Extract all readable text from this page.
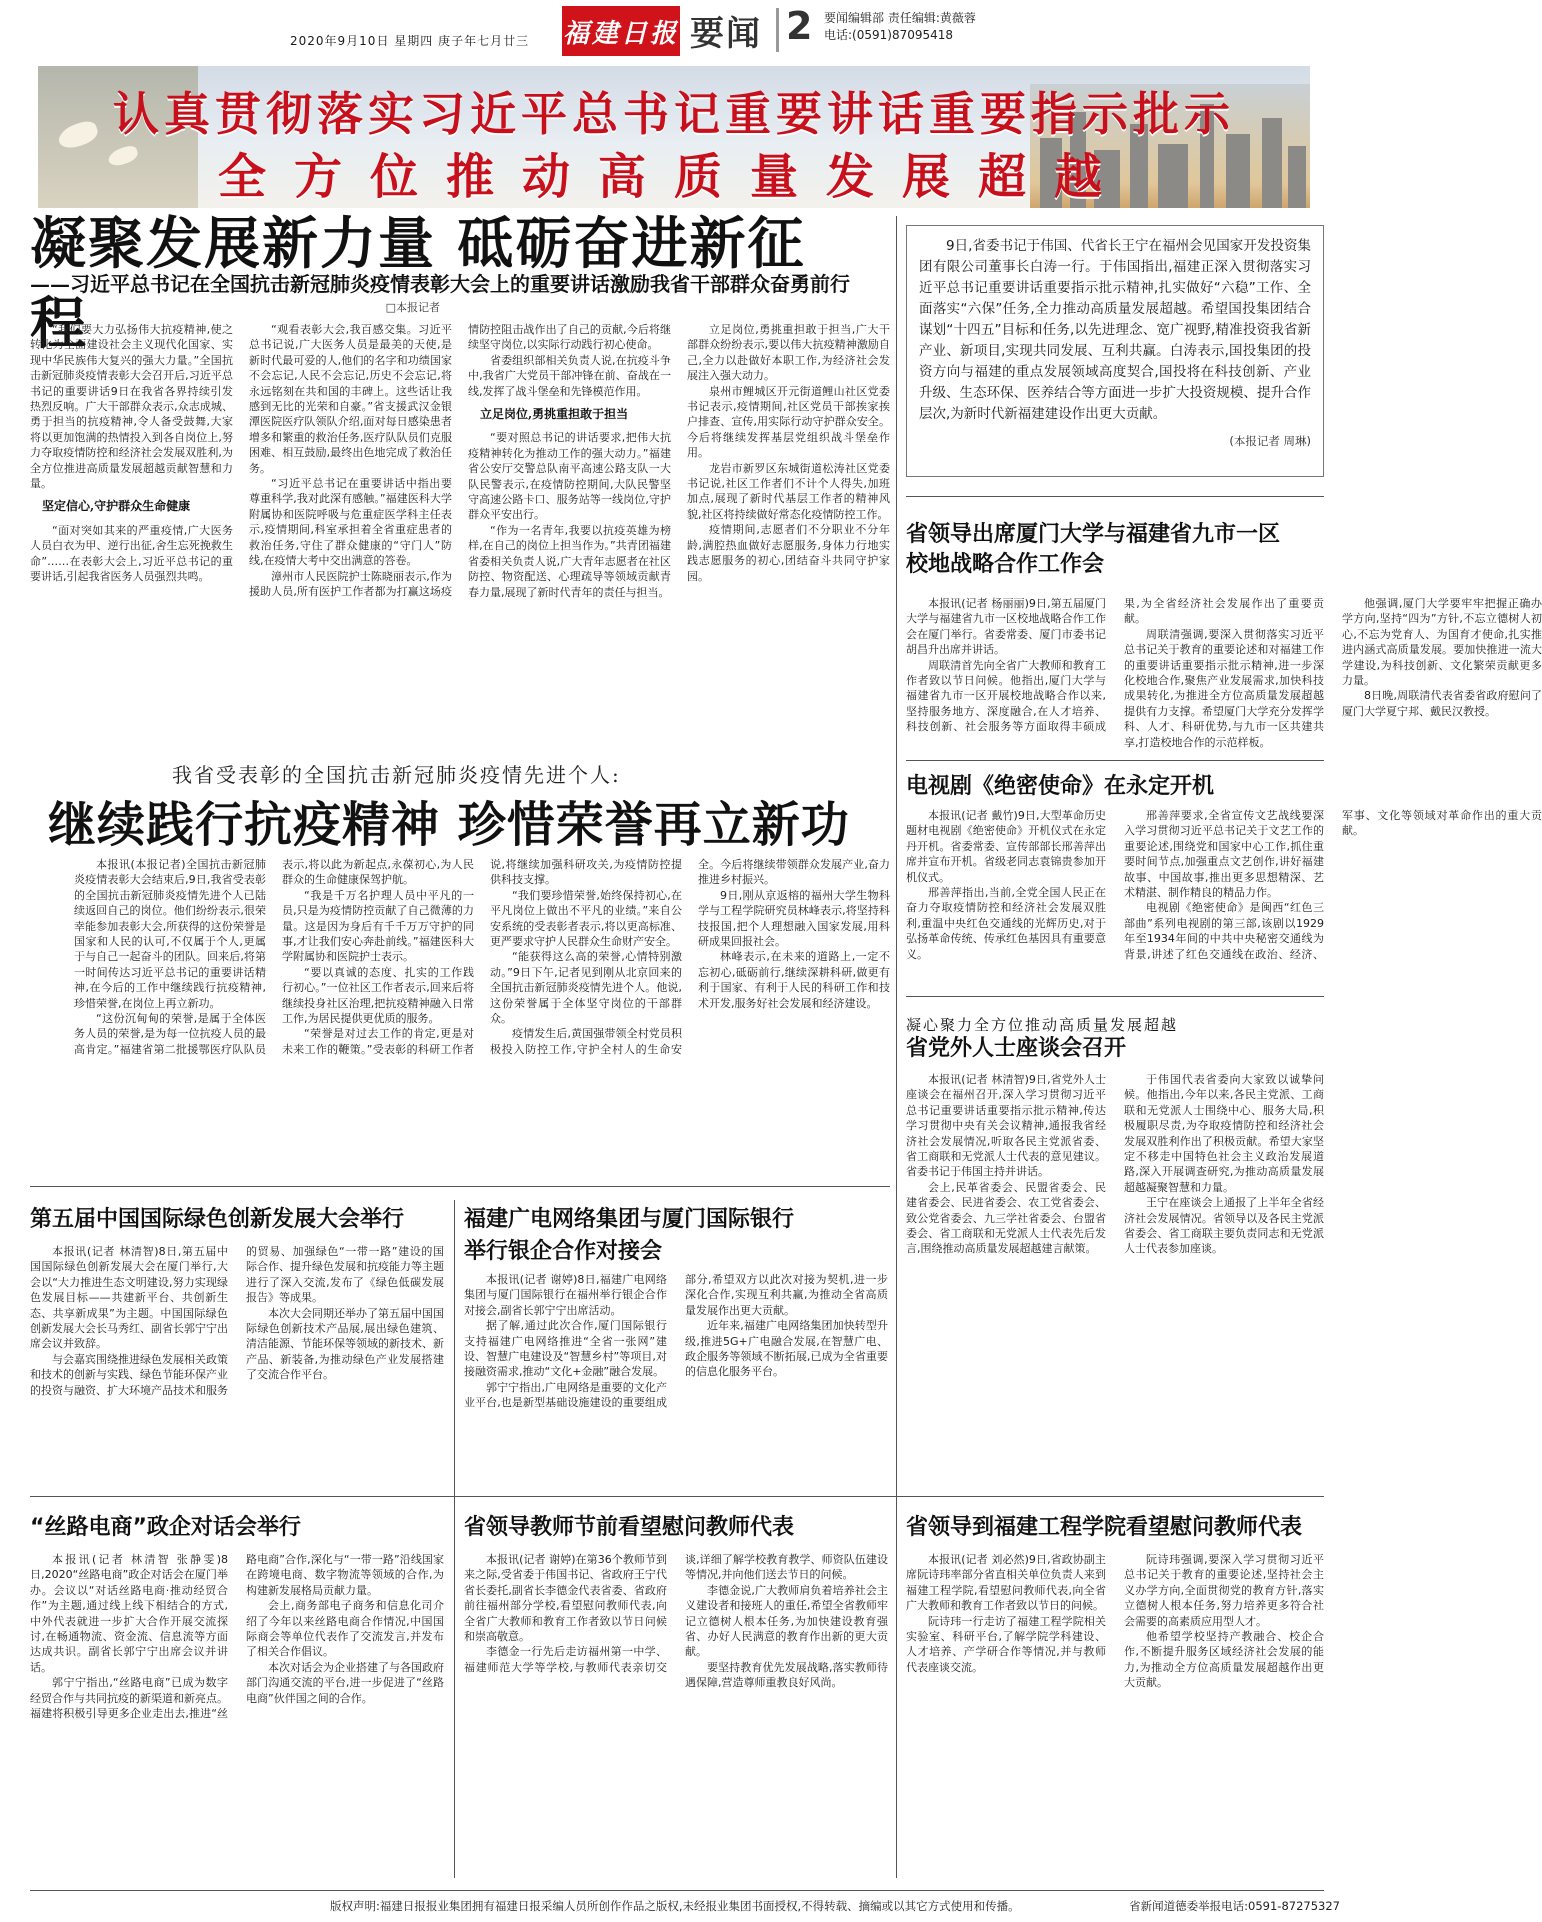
2020年9月10日 星期四 庚子年七月廿三 福建日报 要闻 2 要闻编辑部 责任编辑:黄薇蓉
电话:(0591)87095418
认真贯彻落实习近平总书记重要讲话重要指示批示
全方位推动高质量发展超越
凝聚发展新力量 砥砺奋进新征程
——习近平总书记在全国抗击新冠肺炎疫情表彰大会上的重要讲话激励我省干部群众奋勇前行
□本报记者

“我们要大力弘扬伟大抗疫精神,使之转化为全面建设社会主义现代化国家、实现中华民族伟大复兴的强大力量。”全国抗击新冠肺炎疫情表彰大会召开后,习近平总书记的重要讲话9日在我省各界持续引发热烈反响。广大干部群众表示,众志成城、勇于担当的抗疫精神,令人备受鼓舞,大家将以更加饱满的热情投入到各自岗位上,努力夺取疫情防控和经济社会发展双胜利,为全方位推进高质量发展超越贡献智慧和力量。

坚定信心,守护群众生命健康

“面对突如其来的严重疫情,广大医务人员白衣为甲、逆行出征,舍生忘死挽救生命”……在表彰大会上,习近平总书记的重要讲话,引起我省医务人员强烈共鸣。

“观看表彰大会,我百感交集。习近平总书记说,广大医务人员是最美的天使,是新时代最可爱的人,他们的名字和功绩国家不会忘记,人民不会忘记,历史不会忘记,将永远铭刻在共和国的丰碑上。这些话让我感到无比的光荣和自豪。”省支援武汉金银潭医院医疗队领队介绍,面对每日感染患者增多和繁重的救治任务,医疗队队员们克服困难、相互鼓励,最终出色地完成了救治任务。

“习近平总书记在重要讲话中指出要尊重科学,我对此深有感触。”福建医科大学附属协和医院呼吸与危重症医学科主任表示,疫情期间,科室承担着全省重症患者的救治任务,守住了群众健康的“守门人”防线,在疫情大考中交出满意的答卷。

漳州市人民医院护士陈晓丽表示,作为援助人员,所有医护工作者都为打赢这场疫情防控阻击战作出了自己的贡献,今后将继续坚守岗位,以实际行动践行初心使命。

省委组织部相关负责人说,在抗疫斗争中,我省广大党员干部冲锋在前、奋战在一线,发挥了战斗堡垒和先锋模范作用。

立足岗位,勇挑重担敢于担当

“要对照总书记的讲话要求,把伟大抗疫精神转化为推动工作的强大动力。”福建省公安厅交警总队南平高速公路支队一大队民警表示,在疫情防控期间,大队民警坚守高速公路卡口、服务站等一线岗位,守护群众平安出行。

“作为一名青年,我要以抗疫英雄为榜样,在自己的岗位上担当作为。”共青团福建省委相关负责人说,广大青年志愿者在社区防控、物资配送、心理疏导等领域贡献青春力量,展现了新时代青年的责任与担当。

立足岗位,勇挑重担敢于担当,广大干部群众纷纷表示,要以伟大抗疫精神激励自己,全力以赴做好本职工作,为经济社会发展注入强大动力。

泉州市鲤城区开元街道鲤山社区党委书记表示,疫情期间,社区党员干部挨家挨户排查、宣传,用实际行动守护群众安全。今后将继续发挥基层党组织战斗堡垒作用。

龙岩市新罗区东城街道松涛社区党委书记说,社区工作者们不计个人得失,加班加点,展现了新时代基层工作者的精神风貌,社区将持续做好常态化疫情防控工作。

疫情期间,志愿者们不分职业不分年龄,满腔热血做好志愿服务,身体力行地实践志愿服务的初心,团结奋斗共同守护家园。

9日,省委书记于伟国、代省长王宁在福州会见国家开发投资集团有限公司董事长白涛一行。于伟国指出,福建正深入贯彻落实习近平总书记重要讲话重要指示批示精神,扎实做好“六稳”工作、全面落实“六保”任务,全力推动高质量发展超越。希望国投集团结合谋划“十四五”目标和任务,以先进理念、宽广视野,精准投资我省新产业、新项目,实现共同发展、互利共赢。白涛表示,国投集团的投资方向与福建的重点发展领域高度契合,国投将在科技创新、产业升级、生态环保、医养结合等方面进一步扩大投资规模、提升合作层次,为新时代新福建建设作出更大贡献。

(本报记者 周琳)
省领导出席厦门大学与福建省九市一区
校地战略合作工作会

本报讯(记者 杨丽丽)9日,第五届厦门大学与福建省九市一区校地战略合作工作会在厦门举行。省委常委、厦门市委书记胡昌升出席并讲话。

周联清首先向全省广大教师和教育工作者致以节日问候。他指出,厦门大学与福建省九市一区开展校地战略合作以来,坚持服务地方、深度融合,在人才培养、科技创新、社会服务等方面取得丰硕成果,为全省经济社会发展作出了重要贡献。

周联清强调,要深入贯彻落实习近平总书记关于教育的重要论述和对福建工作的重要讲话重要指示批示精神,进一步深化校地合作,聚焦产业发展需求,加快科技成果转化,为推进全方位高质量发展超越提供有力支撑。希望厦门大学充分发挥学科、人才、科研优势,与九市一区共建共享,打造校地合作的示范样板。

他强调,厦门大学要牢牢把握正确办学方向,坚持“四为”方针,不忘立德树人初心,不忘为党育人、为国育才使命,扎实推进内涵式高质量发展。要加快推进一流大学建设,为科技创新、文化繁荣贡献更多力量。

8日晚,周联清代表省委省政府慰问了厦门大学夏宁邦、戴民汉教授。

电视剧《绝密使命》在永定开机

本报讯(记者 戴竹)9日,大型革命历史题材电视剧《绝密使命》开机仪式在永定丹开机。省委常委、宣传部部长邢善萍出席并宣布开机。省级老同志袁锦贵参加开机仪式。

邢善萍指出,当前,全党全国人民正在奋力夺取疫情防控和经济社会发展双胜利,重温中央红色交通线的光辉历史,对于弘扬革命传统、传承红色基因具有重要意义。

邢善萍要求,全省宣传文艺战线要深入学习贯彻习近平总书记关于文艺工作的重要论述,围绕党和国家中心工作,抓住重要时间节点,加强重点文艺创作,讲好福建故事、中国故事,推出更多思想精深、艺术精湛、制作精良的精品力作。

电视剧《绝密使命》是闽西“红色三部曲”系列电视剧的第三部,该剧以1929年至1934年间的中共中央秘密交通线为背景,讲述了红色交通线在政治、经济、军事、文化等领域对革命作出的重大贡献。

我省受表彰的全国抗击新冠肺炎疫情先进个人:
继续践行抗疫精神 珍惜荣誉再立新功

本报讯(本报记者)全国抗击新冠肺炎疫情表彰大会结束后,9日,我省受表彰的全国抗击新冠肺炎疫情先进个人已陆续返回自己的岗位。他们纷纷表示,很荣幸能参加表彰大会,所获得的这份荣誉是国家和人民的认可,不仅属于个人,更属于与自己一起奋斗的团队。回来后,将第一时间传达习近平总书记的重要讲话精神,在今后的工作中继续践行抗疫精神,珍惜荣誉,在岗位上再立新功。

“这份沉甸甸的荣誉,是属于全体医务人员的荣誉,是为每一位抗疫人员的最高肯定。”福建省第二批援鄂医疗队队员表示,将以此为新起点,永葆初心,为人民群众的生命健康保驾护航。

“我是千万名护理人员中平凡的一员,只是为疫情防控贡献了自己微薄的力量。这是因为身后有千千万万守护的同事,才让我们安心奔赴前线。”福建医科大学附属协和医院护士表示。

“要以真诚的态度、扎实的工作践行初心。”一位社区工作者表示,回来后将继续投身社区治理,把抗疫精神融入日常工作,为居民提供更优质的服务。

“荣誉是对过去工作的肯定,更是对未来工作的鞭策。”受表彰的科研工作者说,将继续加强科研攻关,为疫情防控提供科技支撑。

“我们要珍惜荣誉,始终保持初心,在平凡岗位上做出不平凡的业绩。”来自公安系统的受表彰者表示,将以更高标准、更严要求守护人民群众生命财产安全。

“能获得这么高的荣誉,心情特别激动。”9日下午,记者见到刚从北京回来的全国抗击新冠肺炎疫情先进个人。他说,这份荣誉属于全体坚守岗位的干部群众。

疫情发生后,黄国强带领全村党员积极投入防控工作,守护全村人的生命安全。今后将继续带领群众发展产业,奋力推进乡村振兴。

9日,刚从京返榕的福州大学生物科学与工程学院研究员林峰表示,将坚持科技报国,把个人理想融入国家发展,用科研成果回报社会。

林峰表示,在未来的道路上,一定不忘初心,砥砺前行,继续深耕科研,做更有利于国家、有利于人民的科研工作和技术开发,服务好社会发展和经济建设。

凝心聚力全方位推动高质量发展超越
省党外人士座谈会召开

本报讯(记者 林清智)9日,省党外人士座谈会在福州召开,深入学习贯彻习近平总书记重要讲话重要指示批示精神,传达学习贯彻中央有关会议精神,通报我省经济社会发展情况,听取各民主党派省委、省工商联和无党派人士代表的意见建议。省委书记于伟国主持并讲话。

会上,民革省委会、民盟省委会、民建省委会、民进省委会、农工党省委会、致公党省委会、九三学社省委会、台盟省委会、省工商联和无党派人士代表先后发言,围绕推动高质量发展超越建言献策。

于伟国代表省委向大家致以诚挚问候。他指出,今年以来,各民主党派、工商联和无党派人士围绕中心、服务大局,积极履职尽责,为夺取疫情防控和经济社会发展双胜利作出了积极贡献。希望大家坚定不移走中国特色社会主义政治发展道路,深入开展调查研究,为推动高质量发展超越凝聚智慧和力量。

王宁在座谈会上通报了上半年全省经济社会发展情况。省领导以及各民主党派省委会、省工商联主要负责同志和无党派人士代表参加座谈。

第五届中国国际绿色创新发展大会举行

本报讯(记者 林清智)8日,第五届中国国际绿色创新发展大会在厦门举行,大会以“大力推进生态文明建设,努力实现绿色发展目标——共建新平台、共创新生态、共享新成果”为主题。中国国际绿色创新发展大会长马秀红、副省长郭宁宁出席会议并致辞。

与会嘉宾围绕推进绿色发展相关政策和技术的创新与实践、绿色节能环保产业的投资与融资、扩大环境产品技术和服务的贸易、加强绿色“一带一路”建设的国际合作、提升绿色发展和抗疫能力等主题进行了深入交流,发布了《绿色低碳发展报告》等成果。

本次大会同期还举办了第五届中国国际绿色创新技术产品展,展出绿色建筑、清洁能源、节能环保等领域的新技术、新产品、新装备,为推动绿色产业发展搭建了交流合作平台。

福建广电网络集团与厦门国际银行
举行银企合作对接会

本报讯(记者 谢婷)8日,福建广电网络集团与厦门国际银行在福州举行银企合作对接会,副省长郭宁宁出席活动。

据了解,通过此次合作,厦门国际银行支持福建广电网络推进“全省一张网”建设、智慧广电建设及“智慧乡村”等项目,对接融资需求,推动“文化+金融”融合发展。

郭宁宁指出,广电网络是重要的文化产业平台,也是新型基础设施建设的重要组成部分,希望双方以此次对接为契机,进一步深化合作,实现互利共赢,为推动全省高质量发展作出更大贡献。

近年来,福建广电网络集团加快转型升级,推进5G+广电融合发展,在智慧广电、政企服务等领域不断拓展,已成为全省重要的信息化服务平台。

“丝路电商”政企对话会举行

本报讯(记者 林清智 张静雯)8日,2020“丝路电商”政企对话会在厦门举办。会议以“对话丝路电商·推动经贸合作”为主题,通过线上线下相结合的方式,中外代表就进一步扩大合作开展交流探讨,在畅通物流、资金流、信息流等方面达成共识。副省长郭宁宁出席会议并讲话。

郭宁宁指出,“丝路电商”已成为数字经贸合作与共同抗疫的新渠道和新亮点。福建将积极引导更多企业走出去,推进“丝路电商”合作,深化与“一带一路”沿线国家在跨境电商、数字物流等领域的合作,为构建新发展格局贡献力量。

会上,商务部电子商务和信息化司介绍了今年以来丝路电商合作情况,中国国际商会等单位代表作了交流发言,并发布了相关合作倡议。

本次对话会为企业搭建了与各国政府部门沟通交流的平台,进一步促进了“丝路电商”伙伴国之间的合作。

省领导教师节前看望慰问教师代表

本报讯(记者 谢婷)在第36个教师节到来之际,受省委于伟国书记、省政府王宁代省长委托,副省长李德金代表省委、省政府前往福州部分学校,看望慰问教师代表,向全省广大教师和教育工作者致以节日问候和崇高敬意。

李德金一行先后走访福州第一中学、福建师范大学等学校,与教师代表亲切交谈,详细了解学校教育教学、师资队伍建设等情况,并向他们送去节日的问候。

李德金说,广大教师肩负着培养社会主义建设者和接班人的重任,希望全省教师牢记立德树人根本任务,为加快建设教育强省、办好人民满意的教育作出新的更大贡献。

要坚持教育优先发展战略,落实教师待遇保障,营造尊师重教良好风尚。

省领导到福建工程学院看望慰问教师代表

本报讯(记者 刘必然)9日,省政协副主席阮诗玮率部分省直相关单位负责人来到福建工程学院,看望慰问教师代表,向全省广大教师和教育工作者致以节日的问候。

阮诗玮一行走访了福建工程学院相关实验室、科研平台,了解学院学科建设、人才培养、产学研合作等情况,并与教师代表座谈交流。

阮诗玮强调,要深入学习贯彻习近平总书记关于教育的重要论述,坚持社会主义办学方向,全面贯彻党的教育方针,落实立德树人根本任务,努力培养更多符合社会需要的高素质应用型人才。

他希望学校坚持产教融合、校企合作,不断提升服务区域经济社会发展的能力,为推动全方位高质量发展超越作出更大贡献。

版权声明:福建日报报业集团拥有福建日报采编人员所创作作品之版权,未经报业集团书面授权,不得转载、摘编或以其它方式使用和传播。	省新闻道德委举报电话:0591-87275327
